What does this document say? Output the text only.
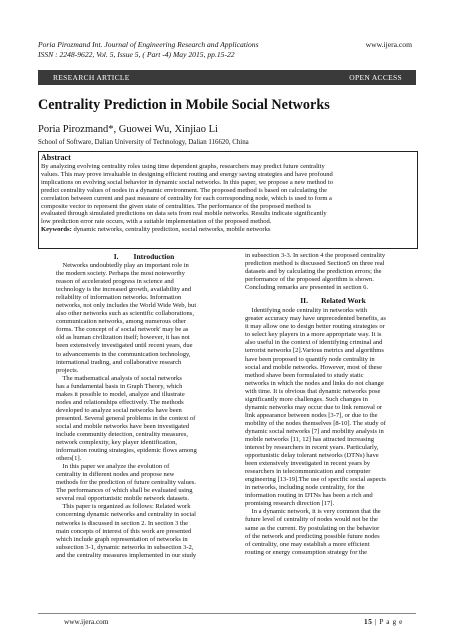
Poria Pirozmand Int. Journal of Engineering Research and Applications
ISSN : 2248-9622, Vol. 5, Issue 5, ( Part -4) May 2015, pp.15-22
www.ijera.com
RESEARCH ARTICLE	OPEN ACCESS
Centrality Prediction in Mobile Social Networks
Poria Pirozmand*, Guowei Wu, Xinjiao Li
School of Software, Dalian University of Technology, Dalian 116620, China
Abstract
By analyzing evolving centrality roles using time dependent graphs, researchers may predict future centrality
values. This may prove invaluable in designing efficient routing and energy saving strategies and have profound
implications on evolving social behavior in dynamic social networks. In this paper, we propose a new method to
predict centrality values of nodes in a dynamic environment. The proposed method is based on calculating the
correlation between current and past measure of centrality for each corresponding node, which is used to form a
composite vector to represent the given state of centralities. The performance of the proposed method is
evaluated through simulated predictions on data sets from real mobile networks. Results indicate significantly
low prediction error rate occurs, with a suitable implementation of the proposed method.
Keywords: dynamic networks, centrality prediction, social networks, mobile networks
I.        Introduction
Networks undoubtedly play an important role in
the modern society. Perhaps the most noteworthy
reason of accelerated progress in science and
technology is the increased growth, availability and
reliability of information networks. Information
networks, not only includes the World Wide Web, but
also other networks such as scientific collaborations,
communication networks, among numerous other
forms. The concept of a' social network' may be as
old as human civilization itself; however, it has not
been extensively investigated until recent years, due
to advancements in the communication technology,
international trading, and collaborative research
projects.
The mathematical analysis of social networks
has a fundamental basis in Graph Theory, which
makes it possible to model, analyze and illustrate
nodes and relationships effectively. The methods
developed to analyze social networks have been
presented. Several general problems in the context of
social and mobile networks have been investigated
include community detection, centrality measures,
network complexity, key player identification,
information routing strategies, epidemic flows among
others[1].
In this paper we analyze the evolution of
centrality in different nodes and propose new
methods for the prediction of future centrality values.
The performances of which shall be evaluated using
several real opportunistic mobile network datasets.
This paper is organized as follows: Related work
concerning dynamic networks and centrality in social
networks is discussed in section 2. In section 3 the
main concepts of interest of this work are presented
which include graph representation of networks in
subsection 3-1, dynamic networks in subsection 3-2,
and the centrality measures implemented in our study
in subsection 3-3. In section 4 the proposed centrality
prediction method is discussed Section5 on three real
datasets and by calculating the prediction errors; the
performance of the proposed algorithm is shown.
Concluding remarks are presented in section 6.
II.       Related Work
Identifying node centrality in networks with
greater accuracy may have unprecedented benefits, as
it may allow one to design better routing strategies or
to select key players in a more appropriate way. It is
also useful in the context of identifying criminal and
terrorist networks [2].Various metrics and algorithms
have been proposed to quantify node centrality in
social and mobile networks. However, most of these
method shave been formulated to study static
networks in which the nodes and links do not change
with time. It is obvious that dynamic networks pose
significantly more challenges. Such changes in
dynamic networks may occur due to link removal or
link appearance between nodes [3-7], or due to the
mobility of the nodes themselves [8-10]. The study of
dynamic social networks [7] and mobility analysis in
mobile networks [11, 12] has attracted increasing
interest by researchers in recent years. Particularly,
opportunistic delay tolerant networks (DTNs) have
been extensively investigated in recent years by
researchers in telecommunication and computer
engineering [13-19].The use of specific social aspects
in networks, including node centrality, for the
information routing in DTNs has been a rich and
promising research direction [17].
In a dynamic network, it is very common that the
future level of centrality of nodes would not be the
same as the current. By postulating on the behavior
of the network and predicting possible future nodes
of centrality, one may establish a more efficient
routing or energy consumption strategy for the
www.ijera.com	15 | P a g e
